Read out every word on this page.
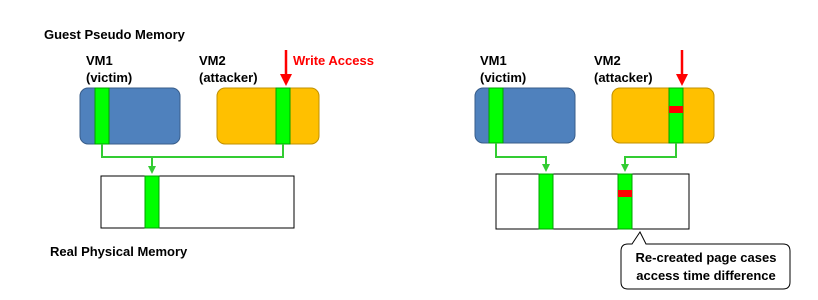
Guest Pseudo Memory
VM1
(victim)
VM2
(attacker)
Write Access	VM1
(victim)
VM2
(attacker)
Real Physical Memory	Re-created page cases
access time difference
